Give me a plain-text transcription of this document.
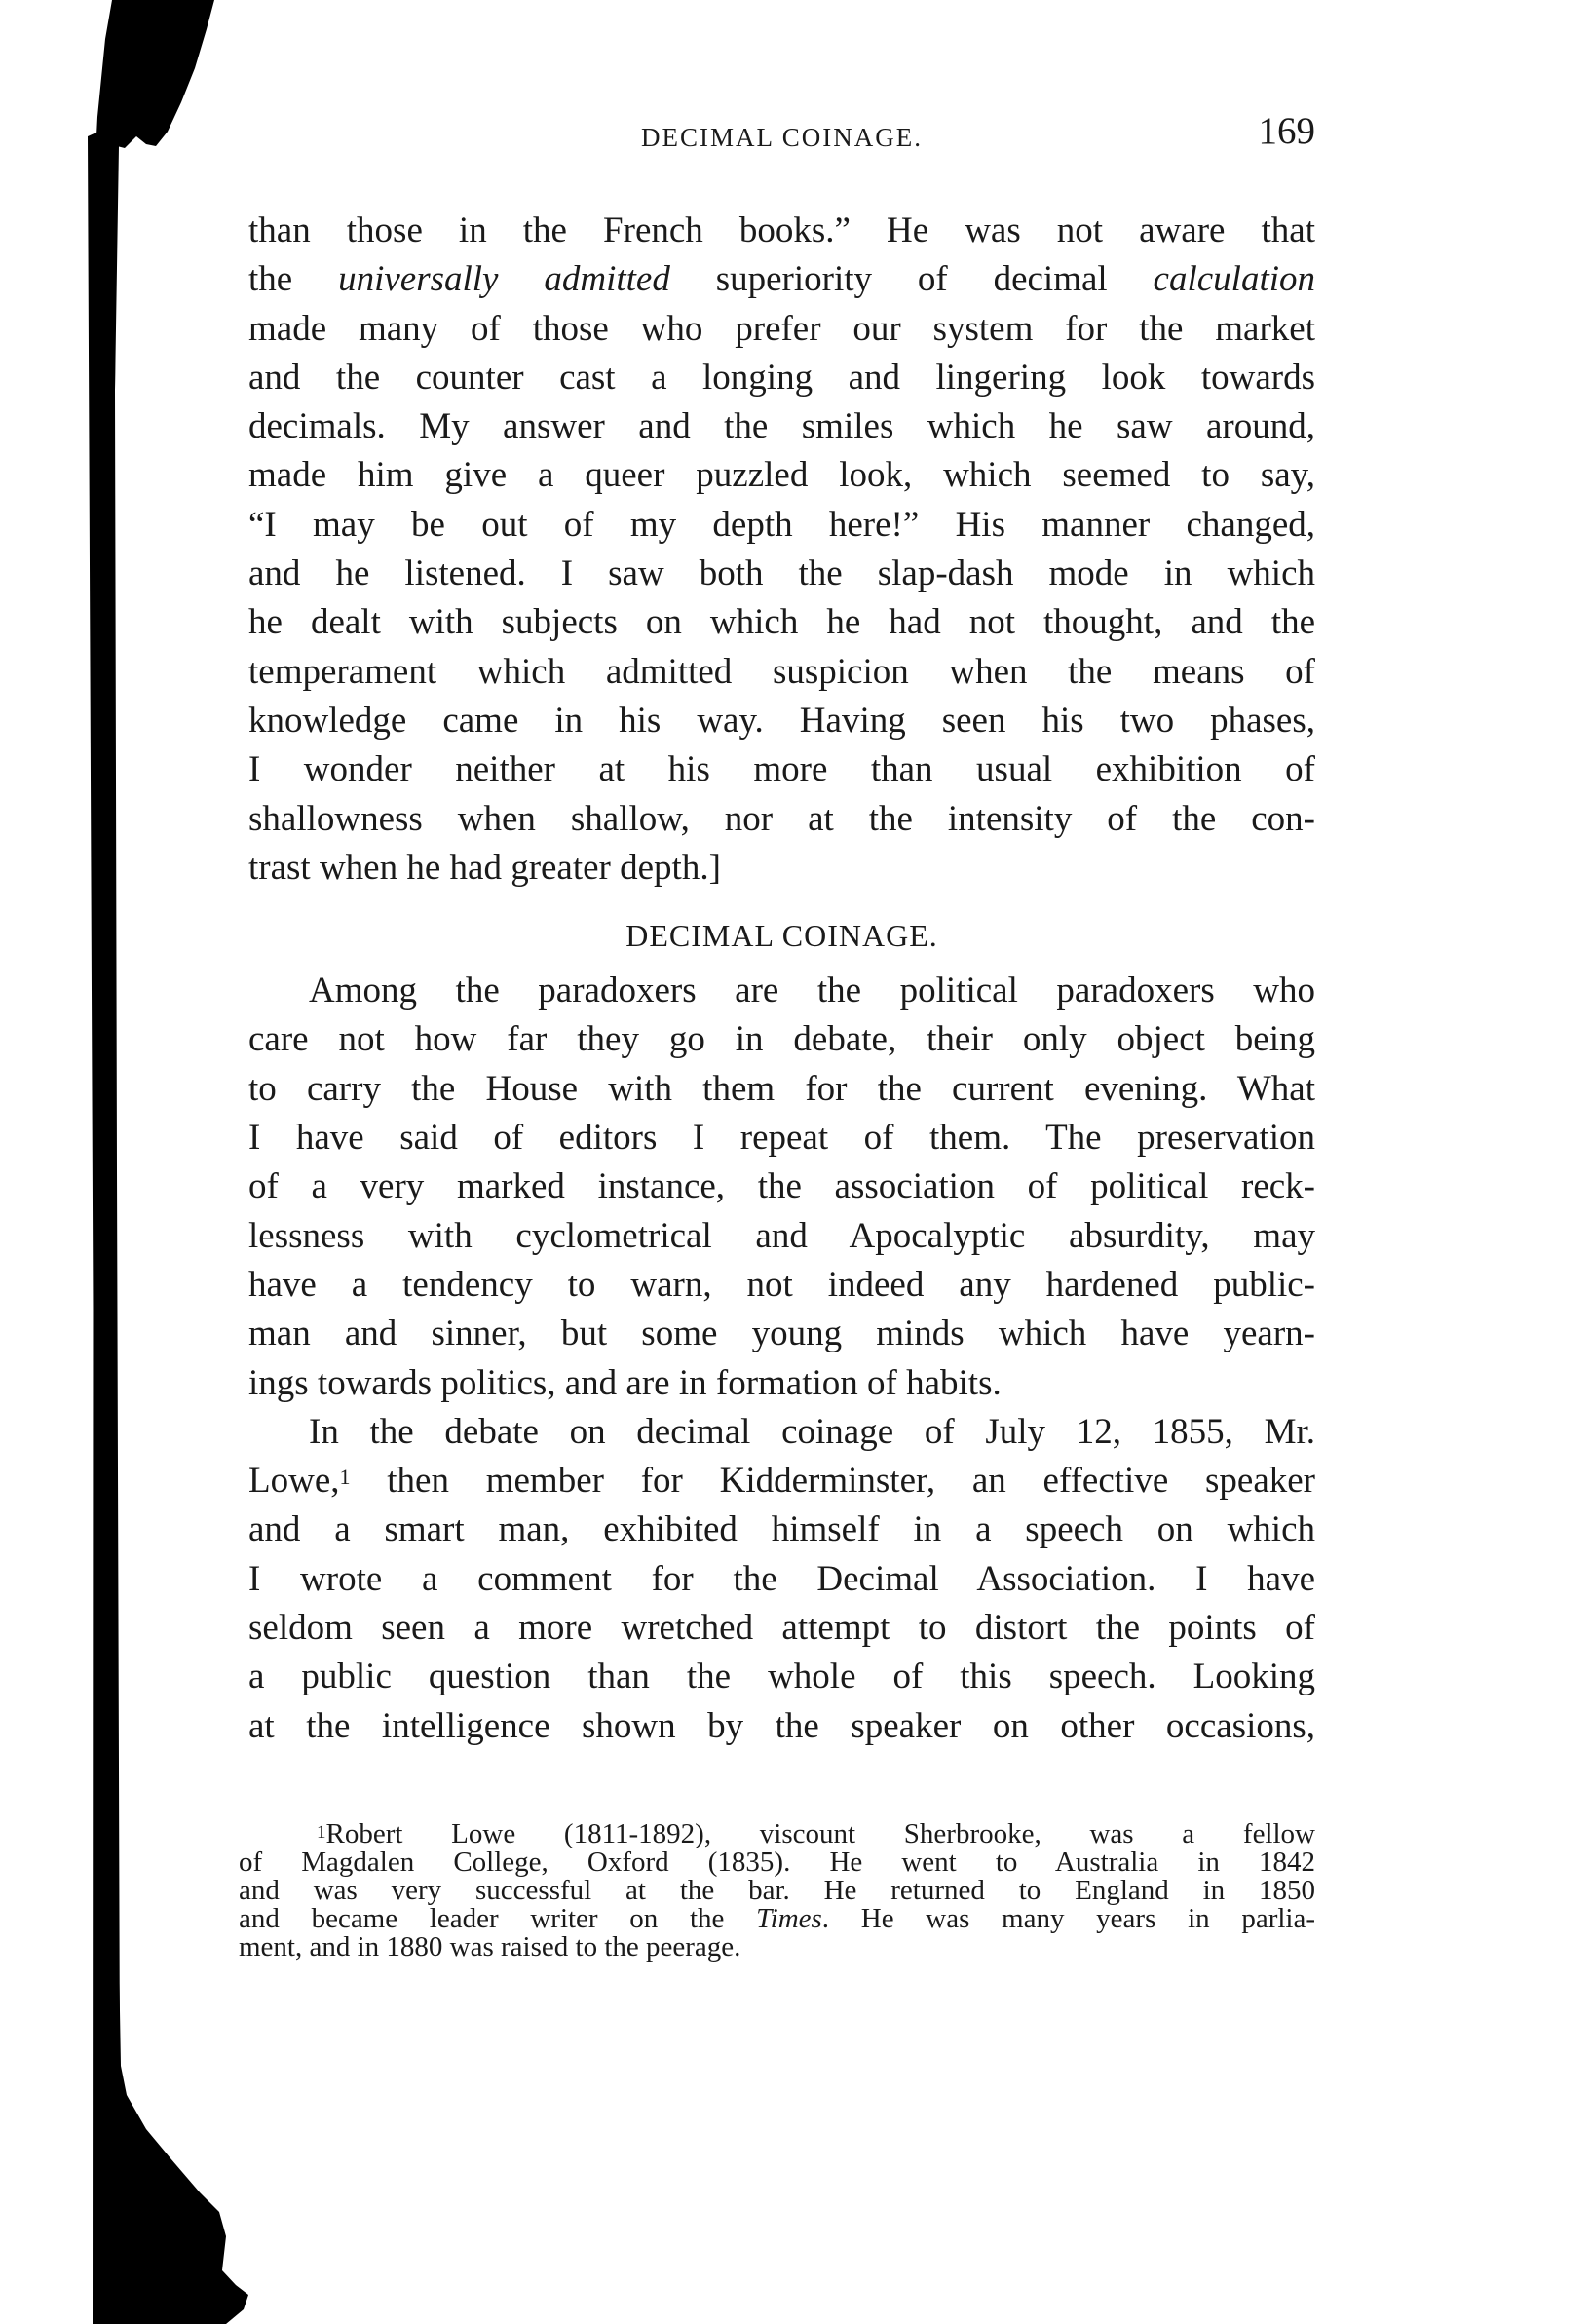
DECIMAL COINAGE.	169
than those in the French books.” He was not aware that
the universally admitted superiority of decimal calculation
made many of those who prefer our system for the market
and the counter cast a longing and lingering look towards
decimals. My answer and the smiles which he saw around,
made him give a queer puzzled look, which seemed to say,
“I may be out of my depth here!” His manner changed,
and he listened. I saw both the slap-dash mode in which
he dealt with subjects on which he had not thought, and the
temperament which admitted suspicion when the means of
knowledge came in his way. Having seen his two phases,
I wonder neither at his more than usual exhibition of
shallowness when shallow, nor at the intensity of the con-
trast when he had greater depth.]
DECIMAL COINAGE.
Among the paradoxers are the political paradoxers who
care not how far they go in debate, their only object being
to carry the House with them for the current evening. What
I have said of editors I repeat of them. The preservation
of a very marked instance, the association of political reck-
lessness with cyclometrical and Apocalyptic absurdity, may
have a tendency to warn, not indeed any hardened public-
man and sinner, but some young minds which have yearn-
ings towards politics, and are in formation of habits.
In the debate on decimal coinage of July 12, 1855, Mr.
Lowe,$^1$ then member for Kidderminster, an effective speaker
and a smart man, exhibited himself in a speech on which
I wrote a comment for the Decimal Association. I have
seldom seen a more wretched attempt to distort the points of
a public question than the whole of this speech. Looking
at the intelligence shown by the speaker on other occasions,
$^1$Robert Lowe (1811-1892), viscount Sherbrooke, was a fellow
of Magdalen College, Oxford (1835). He went to Australia in 1842
and was very successful at the bar. He returned to England in 1850
and became leader writer on the Times. He was many years in parlia-
ment, and in 1880 was raised to the peerage.
